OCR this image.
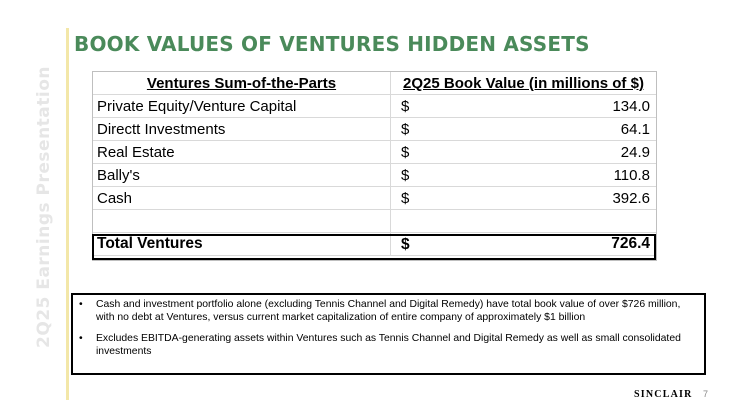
2Q25 Earnings Presentation
BOOK VALUES OF VENTURES HIDDEN ASSETS
Ventures Sum-of-the-Parts	2Q25 Book Value (in millions of $)
Private Equity/Venture Capital	$ 134.0

Directt Investments	$ 64.1

Real Estate	$ 24.9

Bally's	$ 110.8

Cash	$ 392.6

Total Ventures	$ 726.4
• Cash and investment portfolio alone (excluding Tennis Channel and Digital Remedy) have total book value of over $726 million, with no debt at Ventures, versus current market capitalization of entire company of approximately $1 billion
• Excludes EBITDA-generating assets within Ventures such as Tennis Channel and Digital Remedy as well as small consolidated investments
SINCLAIR 7
